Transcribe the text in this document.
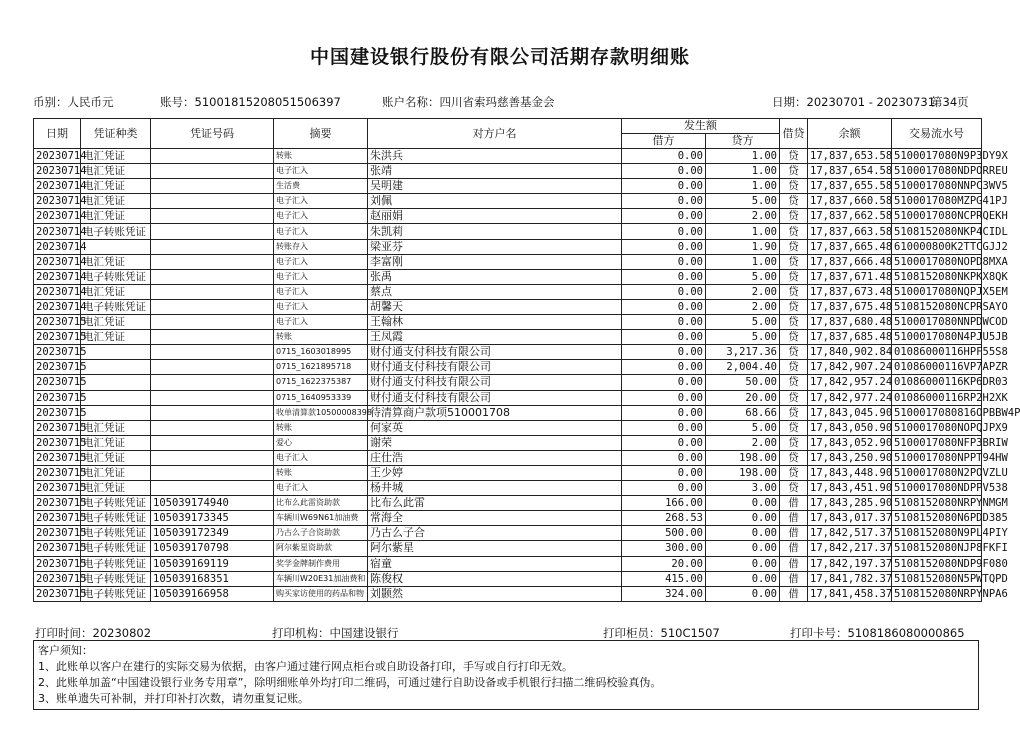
中国建设银行股份有限公司活期存款明细账
币别：人民币元	账号：51001815208051506397	账户名称：四川省索玛慈善基金会	日期：20230701 - 20230731
第34页
日期	凭证种类	凭证号码	摘要	对方户名	发生额		借贷	余额	交易流水号
					借方	贷方			
20230714	电汇凭证		转账	朱洪兵	0.00	1.00	贷	17,837,653.58	5100017080N9P3DY9X
20230714	电汇凭证		电子汇入	张靖	0.00	1.00	贷	17,837,654.58	5100017080NDPORREU
20230714	电汇凭证		生活费	吴明建	0.00	1.00	贷	17,837,655.58	5100017080NNPC3WV5
20230714	电汇凭证		电子汇入	刘佩	0.00	5.00	贷	17,837,660.58	5100017080MZPG41PJ
20230714	电汇凭证		电子汇入	赵丽娟	0.00	2.00	贷	17,837,662.58	5100017080NCPRQEKH
20230714	电子转账凭证		电子汇入	朱凯莉	0.00	1.00	贷	17,837,663.58	5108152080NKP4CIDL
20230714			转账存入	梁亚芬	0.00	1.90	贷	17,837,665.48	610000800K2TTCGJJ2
20230714	电汇凭证		电子汇入	李富刚	0.00	1.00	贷	17,837,666.48	5100017080NOPD8MXA
20230714	电子转账凭证		电子汇入	张禹	0.00	5.00	贷	17,837,671.48	5108152080NKPKX8QK
20230714	电汇凭证		电子汇入	蔡点	0.00	2.00	贷	17,837,673.48	5100017080NQPJX5EM
20230714	电子转账凭证		电子汇入	胡馨天	0.00	2.00	贷	17,837,675.48	5108152080NCPRSAYO
20230715	电汇凭证		电子汇入	王翰林	0.00	5.00	贷	17,837,680.48	5100017080NNPDWCOD
20230715	电汇凭证		转账	王凤霞	0.00	5.00	贷	17,837,685.48	5100017080N4PJU5JB
20230715			0715_1603018995	财付通支付科技有限公司	0.00	3,217.36	贷	17,840,902.84	01086000116HPF55S8
20230715			0715_1621895718	财付通支付科技有限公司	0.00	2,004.40	贷	17,842,907.24	01086000116VP7APZR
20230715			0715_1622375387	财付通支付科技有限公司	0.00	50.00	贷	17,842,957.24	01086000116KP6DR03
20230715			0715_1640953339	财付通支付科技有限公司	0.00	20.00	贷	17,842,977.24	01086000116RP2H2XK
20230715			收单清算款10500008398	待清算商户款项510001708	0.00	68.66	贷	17,843,045.90	5100017080816OPBBW4P
20230715	电汇凭证		转账	何家英	0.00	5.00	贷	17,843,050.90	5100017080NOPQJPX9
20230715	电汇凭证		爱心	谢荣	0.00	2.00	贷	17,843,052.90	5100017080NFP3BRIW
20230715	电汇凭证		电子汇入	庄仕浩	0.00	198.00	贷	17,843,250.90	5100017080NPPT94HW
20230715	电汇凭证		转账	王少婷	0.00	198.00	贷	17,843,448.90	5100017080N2POVZLU
20230715	电汇凭证		电子汇入	杨井城	0.00	3.00	贷	17,843,451.90	5100017080NDPPV538
20230715	电子转账凭证	105039174940	比布么此雷资助款	比布么此雷	166.00	0.00	借	17,843,285.90	5108152080NRPYNMGM
20230715	电子转账凭证	105039173345	车辆川W69N61加油费	常海全	268.53	0.00	借	17,843,017.37	5108152080N6PDD385
20230715	电子转账凭证	105039172349	乃古么子合资助款	乃古么子合	500.00	0.00	借	17,842,517.37	5108152080N9PL4PIY
20230715	电子转账凭证	105039170798	阿尔紫星资助款	阿尔紫星	300.00	0.00	借	17,842,217.37	5108152080NJP8FKFI
20230715	电子转账凭证	105039169119	奖学金牌制作费用	宿童	20.00	0.00	借	17,842,197.37	5108152080NDP9F080
20230715	电子转账凭证	105039168351	车辆川W20E31加油费和	陈俊权	415.00	0.00	借	17,841,782.37	5108152080N5PWTQPD
20230715	电子转账凭证	105039166958	购买家访使用的药品和物	刘颢然	324.00	0.00	借	17,841,458.37	5108152080NRPYNPA6
打印时间：20230802	打印机构：中国建设银行	打印柜员：510C1507	打印卡号：5108186080000865
客户须知：
1、此账单以客户在建行的实际交易为依据，由客户通过建行网点柜台或自助设备打印，手写或自行打印无效。
2、此账单加盖“中国建设银行业务专用章”，除明细账单外均打印二维码，可通过建行自助设备或手机银行扫描二维码校验真伪。
3、账单遗失可补制，并打印补打次数，请勿重复记账。
